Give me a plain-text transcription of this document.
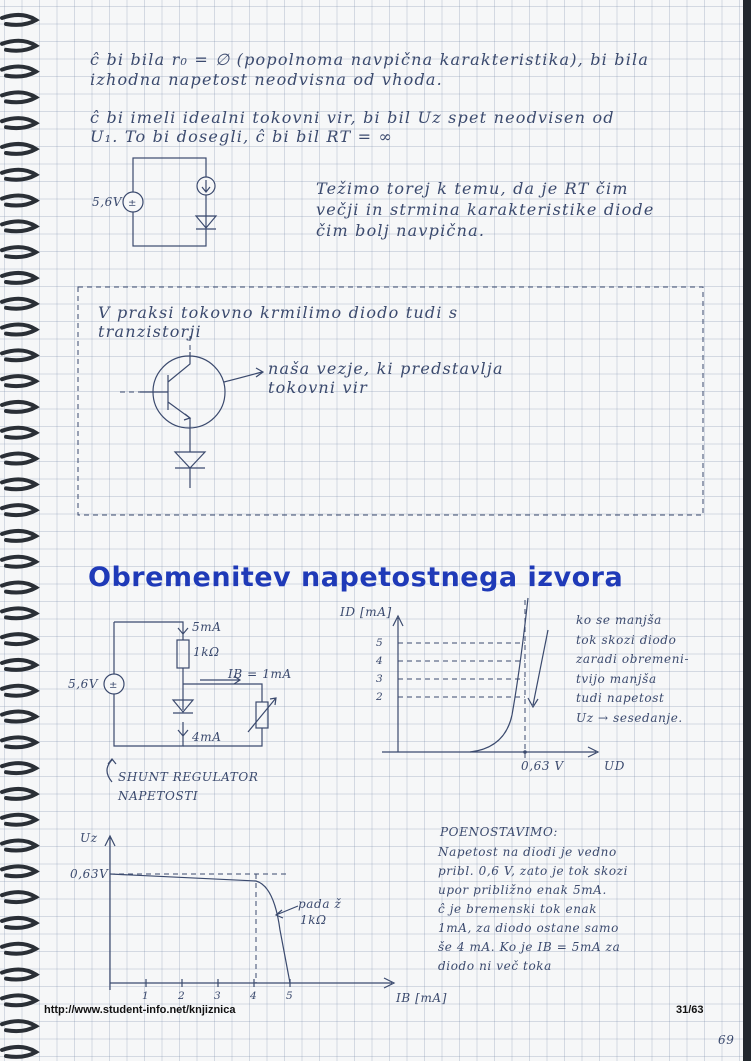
ĉ bi bila r₀ = ∅ (popolnoma navpična karakteristika), bi bila
izhodna napetost neodvisna od vhoda.
ĉ bi imeli idealni tokovni vir, bi bil Uz spet neodvisen od
U₁. To bi dosegli, ĉ bi bil RT = ∞
±
5,6V
Težimo torej k temu, da je RT čim
večji in strmina karakteristike diode
čim bolj navpična.
V praksi tokovno krmilimo diodo tudi s
tranzistorji
naša vezje, ki predstavlja
tokovni vir
Obremenitev napetostnega izvora
±
5mA
1kΩ
IB = 1mA
5,6V
4mA
SHUNT REGULATOR
NAPETOSTI
ID [mA]
5
4
3
2
0,63 V	UD
ko se manjša
tok skozi diodo
zaradi obremeni-
tvijo manjša
tudi napetost
Uz → sesedanje.
POENOSTAVIMO:
Napetost na diodi je vedno
pribl. 0,6 V, zato je tok skozi
upor približno enak 5mA.
ĉ je bremenski tok enak
1mA, za diodo ostane samo
še 4 mA. Ko je IB = 5mA za
diodo ni več toka
Uz
0,63V
IB [mA]
pada ž
1kΩ
1	2	3	4	5
http://www.student-info.net/knjiznica	31/63
69
